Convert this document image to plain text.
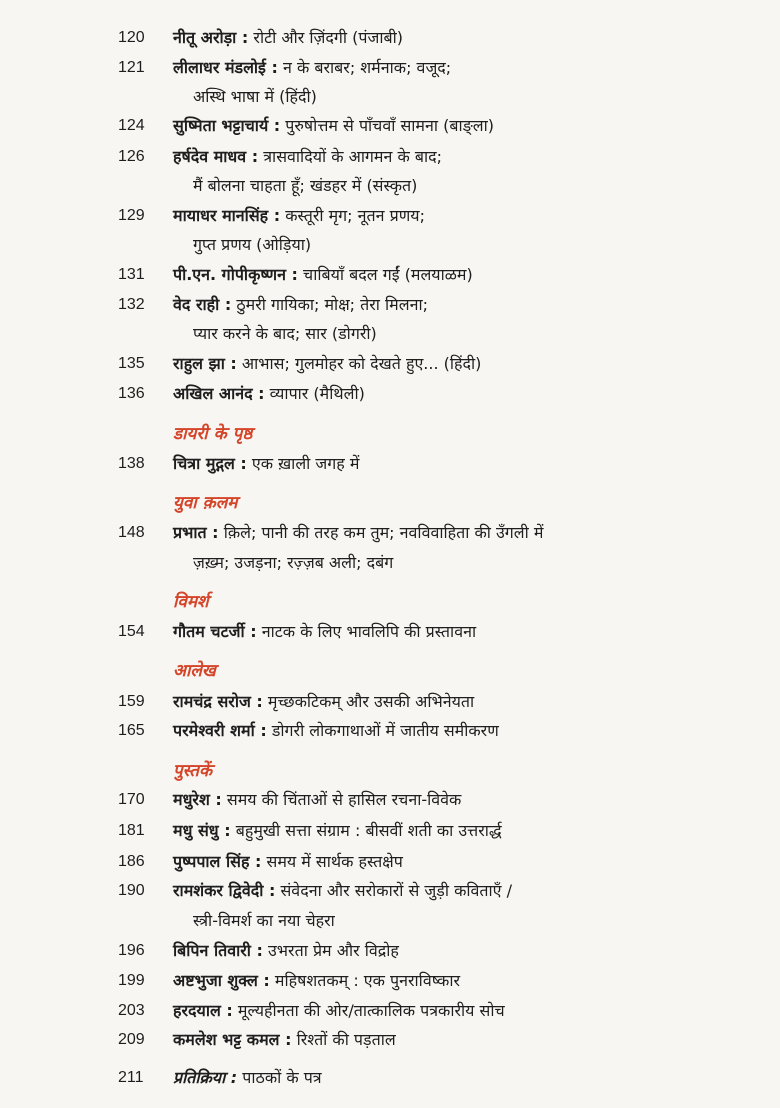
120	नीतू अरोड़ा : रोटी और ज़िंदगी (पंजाबी)
121	लीलाधर मंडलोई : न के बराबर; शर्मनाक; वजूद;
अस्थि भाषा में (हिंदी)
124	सुष्मिता भट्टाचार्य : पुरुषोत्तम से पाँचवाँ सामना (बाङ्ला)
126	हर्षदेव माधव : त्रासवादियों के आगमन के बाद;
मैं बोलना चाहता हूँ; खंडहर में (संस्कृत)
129	मायाधर मानसिंह : कस्तूरी मृग; नूतन प्रणय;
गुप्त प्रणय (ओड़िया)
131	पी.एन. गोपीकृष्णन : चाबियाँ बदल गईं (मलयाळम)
132	वेद राही : ठुमरी गायिका; मोक्ष; तेरा मिलना;
प्यार करने के बाद; सार (डोगरी)
135	राहुल झा : आभास; गुलमोहर को देखते हुए... (हिंदी)
136	अखिल आनंद : व्यापार (मैथिली)
डायरी के पृष्ठ
138	चित्रा मुद्गल : एक ख़ाली जगह में
युवा क़लम
148	प्रभात : क़िले; पानी की तरह कम तुम; नवविवाहिता की उँगली में
ज़ख़्म; उजड़ना; रज़्ज़ब अली; दबंग
विमर्श
154	गौतम चटर्जी : नाटक के लिए भावलिपि की प्रस्तावना
आलेख
159	रामचंद्र सरोज : मृच्छकटिकम् और उसकी अभिनेयता
165	परमेश्वरी शर्मा : डोगरी लोकगाथाओं में जातीय समीकरण
पुस्तकें
170	मधुरेश : समय की चिंताओं से हासिल रचना-विवेक
181	मधु संधु : बहुमुखी सत्ता संग्राम : बीसवीं शती का उत्तरार्द्ध
186	पुष्पपाल सिंह : समय में सार्थक हस्तक्षेप
190	रामशंकर द्विवेदी : संवेदना और सरोकारों से जुड़ी कविताएँ /
स्त्री-विमर्श का नया चेहरा
196	बिपिन तिवारी : उभरता प्रेम और विद्रोह
199	अष्टभुजा शुक्ल : महिषशतकम् : एक पुनराविष्कार
203	हरदयाल : मूल्यहीनता की ओर/तात्कालिक पत्रकारीय सोच
209	कमलेश भट्ट कमल : रिश्तों की पड़ताल
211	प्रतिक्रिया : पाठकों के पत्र
